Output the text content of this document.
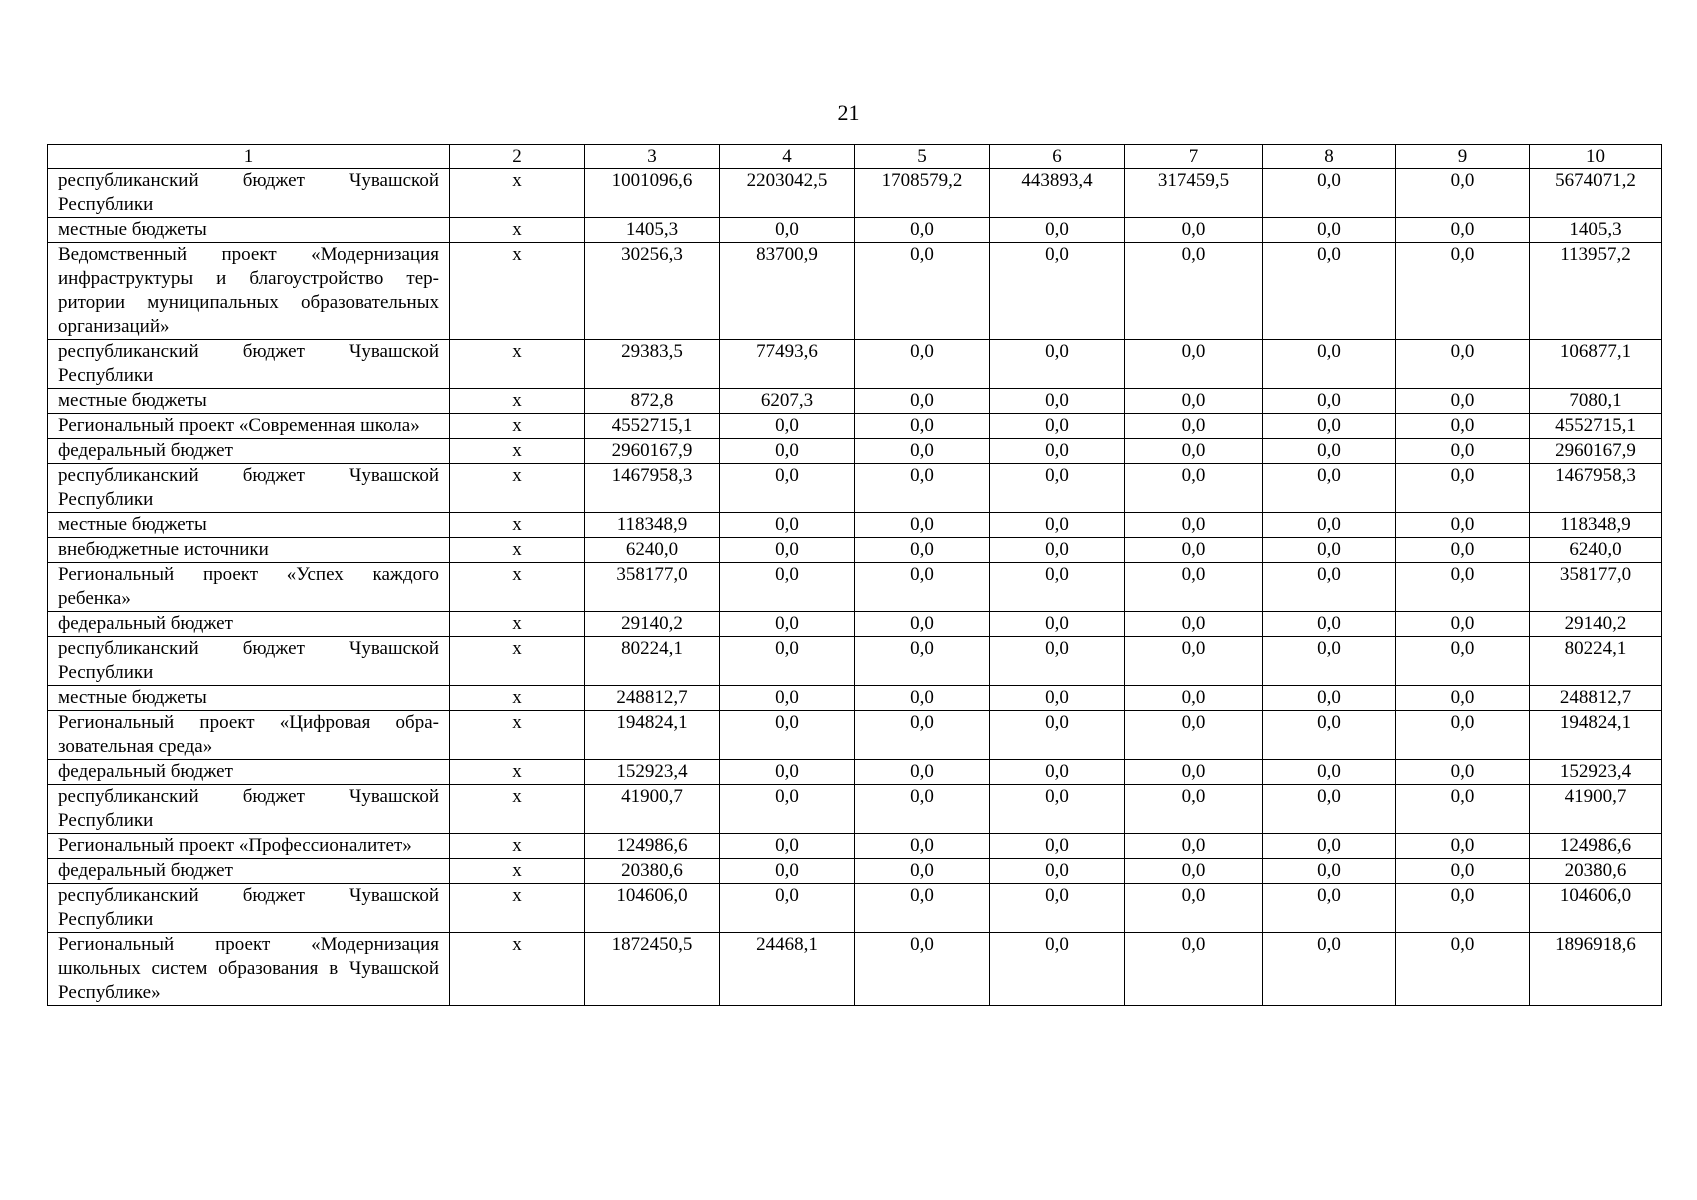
21
1	2	3	4	5	6	7	8	9	10
республиканский бюджет Чувашской Республики	х	1001096,6	2203042,5	1708579,2	443893,4	317459,5	0,0	0,0	5674071,2
местные бюджеты	х	1405,3	0,0	0,0	0,0	0,0	0,0	0,0	1405,3
Ведомственный проект «Модернизация инфраструктуры и благоустройство территории муниципальных образовательных организаций»	х	30256,3	83700,9	0,0	0,0	0,0	0,0	0,0	113957,2
республиканский бюджет Чувашской Республики	х	29383,5	77493,6	0,0	0,0	0,0	0,0	0,0	106877,1
местные бюджеты	х	872,8	6207,3	0,0	0,0	0,0	0,0	0,0	7080,1
Региональный проект «Современная школа»	х	4552715,1	0,0	0,0	0,0	0,0	0,0	0,0	4552715,1
федеральный бюджет	х	2960167,9	0,0	0,0	0,0	0,0	0,0	0,0	2960167,9
республиканский бюджет Чувашской Республики	х	1467958,3	0,0	0,0	0,0	0,0	0,0	0,0	1467958,3
местные бюджеты	х	118348,9	0,0	0,0	0,0	0,0	0,0	0,0	118348,9
внебюджетные источники	х	6240,0	0,0	0,0	0,0	0,0	0,0	0,0	6240,0
Региональный проект «Успех каждого ребенка»	х	358177,0	0,0	0,0	0,0	0,0	0,0	0,0	358177,0
федеральный бюджет	х	29140,2	0,0	0,0	0,0	0,0	0,0	0,0	29140,2
республиканский бюджет Чувашской Республики	х	80224,1	0,0	0,0	0,0	0,0	0,0	0,0	80224,1
местные бюджеты	х	248812,7	0,0	0,0	0,0	0,0	0,0	0,0	248812,7
Региональный проект «Цифровая образовательная среда»	х	194824,1	0,0	0,0	0,0	0,0	0,0	0,0	194824,1
федеральный бюджет	х	152923,4	0,0	0,0	0,0	0,0	0,0	0,0	152923,4
республиканский бюджет Чувашской Республики	х	41900,7	0,0	0,0	0,0	0,0	0,0	0,0	41900,7
Региональный проект «Профессионалитет»	х	124986,6	0,0	0,0	0,0	0,0	0,0	0,0	124986,6
федеральный бюджет	х	20380,6	0,0	0,0	0,0	0,0	0,0	0,0	20380,6
республиканский бюджет Чувашской Республики	х	104606,0	0,0	0,0	0,0	0,0	0,0	0,0	104606,0
Региональный проект «Модернизация школьных систем образования в Чувашской Республике»	х	1872450,5	24468,1	0,0	0,0	0,0	0,0	0,0	1896918,6
